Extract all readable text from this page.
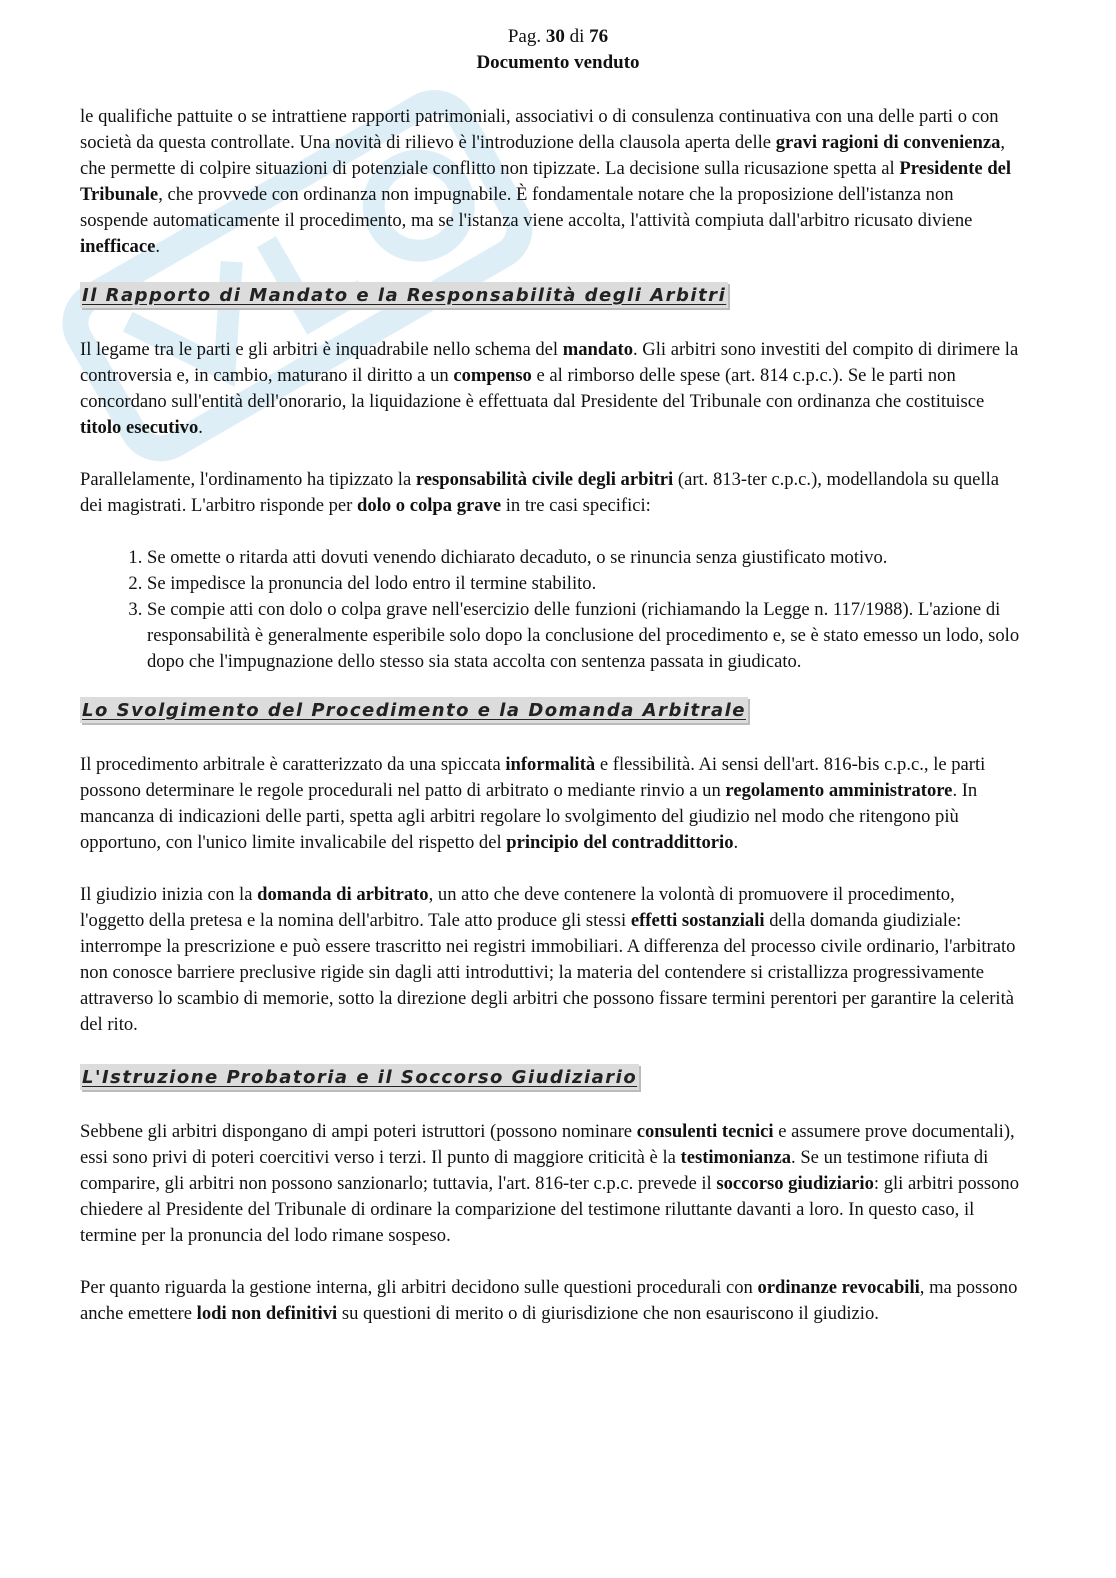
Pag. 30 di 76
Documento venduto

le qualifiche pattuite o se intrattiene rapporti patrimoniali, associativi o di consulenza continuativa con una delle parti o con società da questa controllate. Una novità di rilievo è l'introduzione della clausola aperta delle gravi ragioni di convenienza, che permette di colpire situazioni di potenziale conflitto non tipizzate. La decisione sulla ricusazione spetta al Presidente del Tribunale, che provvede con ordinanza non impugnabile. È fondamentale notare che la proposizione dell'istanza non sospende automaticamente il procedimento, ma se l'istanza viene accolta, l'attività compiuta dall'arbitro ricusato diviene inefficace.

Il Rapporto di Mandato e la Responsabilità degli Arbitri

Il legame tra le parti e gli arbitri è inquadrabile nello schema del mandato. Gli arbitri sono investiti del compito di dirimere la controversia e, in cambio, maturano il diritto a un compenso e al rimborso delle spese (art. 814 c.p.c.). Se le parti non concordano sull'entità dell'onorario, la liquidazione è effettuata dal Presidente del Tribunale con ordinanza che costituisce titolo esecutivo.

Parallelamente, l'ordinamento ha tipizzato la responsabilità civile degli arbitri (art. 813-ter c.p.c.), modellandola su quella dei magistrati. L'arbitro risponde per dolo o colpa grave in tre casi specifici:

1. Se omette o ritarda atti dovuti venendo dichiarato decaduto, o se rinuncia senza giustificato motivo.
2. Se impedisce la pronuncia del lodo entro il termine stabilito.
3. Se compie atti con dolo o colpa grave nell'esercizio delle funzioni (richiamando la Legge n. 117/1988). L'azione di responsabilità è generalmente esperibile solo dopo la conclusione del procedimento e, se è stato emesso un lodo, solo dopo che l'impugnazione dello stesso sia stata accolta con sentenza passata in giudicato.
Lo Svolgimento del Procedimento e la Domanda Arbitrale

Il procedimento arbitrale è caratterizzato da una spiccata informalità e flessibilità. Ai sensi dell'art. 816-bis c.p.c., le parti possono determinare le regole procedurali nel patto di arbitrato o mediante rinvio a un regolamento amministratore. In mancanza di indicazioni delle parti, spetta agli arbitri regolare lo svolgimento del giudizio nel modo che ritengono più opportuno, con l'unico limite invalicabile del rispetto del principio del contraddittorio.

Il giudizio inizia con la domanda di arbitrato, un atto che deve contenere la volontà di promuovere il procedimento, l'oggetto della pretesa e la nomina dell'arbitro. Tale atto produce gli stessi effetti sostanziali della domanda giudiziale: interrompe la prescrizione e può essere trascritto nei registri immobiliari. A differenza del processo civile ordinario, l'arbitrato non conosce barriere preclusive rigide sin dagli atti introduttivi; la materia del contendere si cristallizza progressivamente attraverso lo scambio di memorie, sotto la direzione degli arbitri che possono fissare termini perentori per garantire la celerità del rito.

L'Istruzione Probatoria e il Soccorso Giudiziario

Sebbene gli arbitri dispongano di ampi poteri istruttori (possono nominare consulenti tecnici e assumere prove documentali), essi sono privi di poteri coercitivi verso i terzi. Il punto di maggiore criticità è la testimonianza. Se un testimone rifiuta di comparire, gli arbitri non possono sanzionarlo; tuttavia, l'art. 816-ter c.p.c. prevede il soccorso giudiziario: gli arbitri possono chiedere al Presidente del Tribunale di ordinare la comparizione del testimone riluttante davanti a loro. In questo caso, il termine per la pronuncia del lodo rimane sospeso.

Per quanto riguarda la gestione interna, gli arbitri decidono sulle questioni procedurali con ordinanze revocabili, ma possono anche emettere lodi non definitivi su questioni di merito o di giurisdizione che non esauriscono il giudizio.
